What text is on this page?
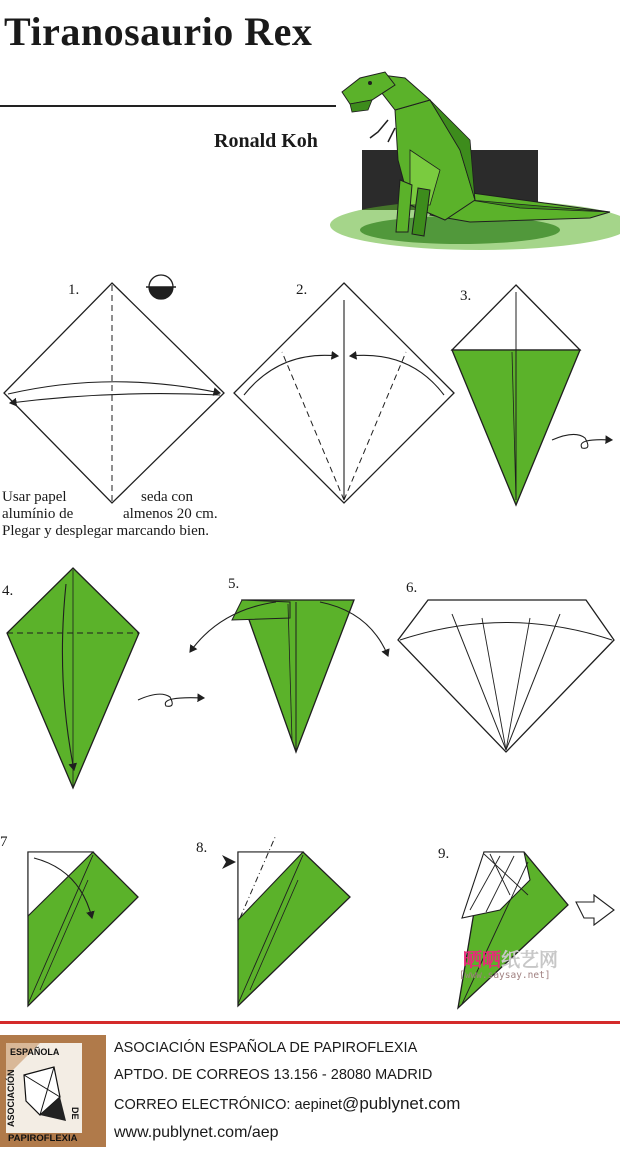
Tiranosaurio Rex
Ronald Koh
1.	2.	3.
4.	5.	6.
7	8.	9.
Usar papel	seda con
alumínio de	almenos 20 cm.
Plegar y desplegar marcando bien.
晒晒纸艺网
[www.saysay.net]
ESPAÑOLA
ASOCIACIÓN	DE
PAPIROFLEXIA
ASOCIACIÓN ESPAÑOLA DE PAPIROFLEXIA
APTDO. DE CORREOS 13.156 - 28080 MADRID
CORREO ELECTRÓNICO: aepinet@publynet.com
www.publynet.com/aep
